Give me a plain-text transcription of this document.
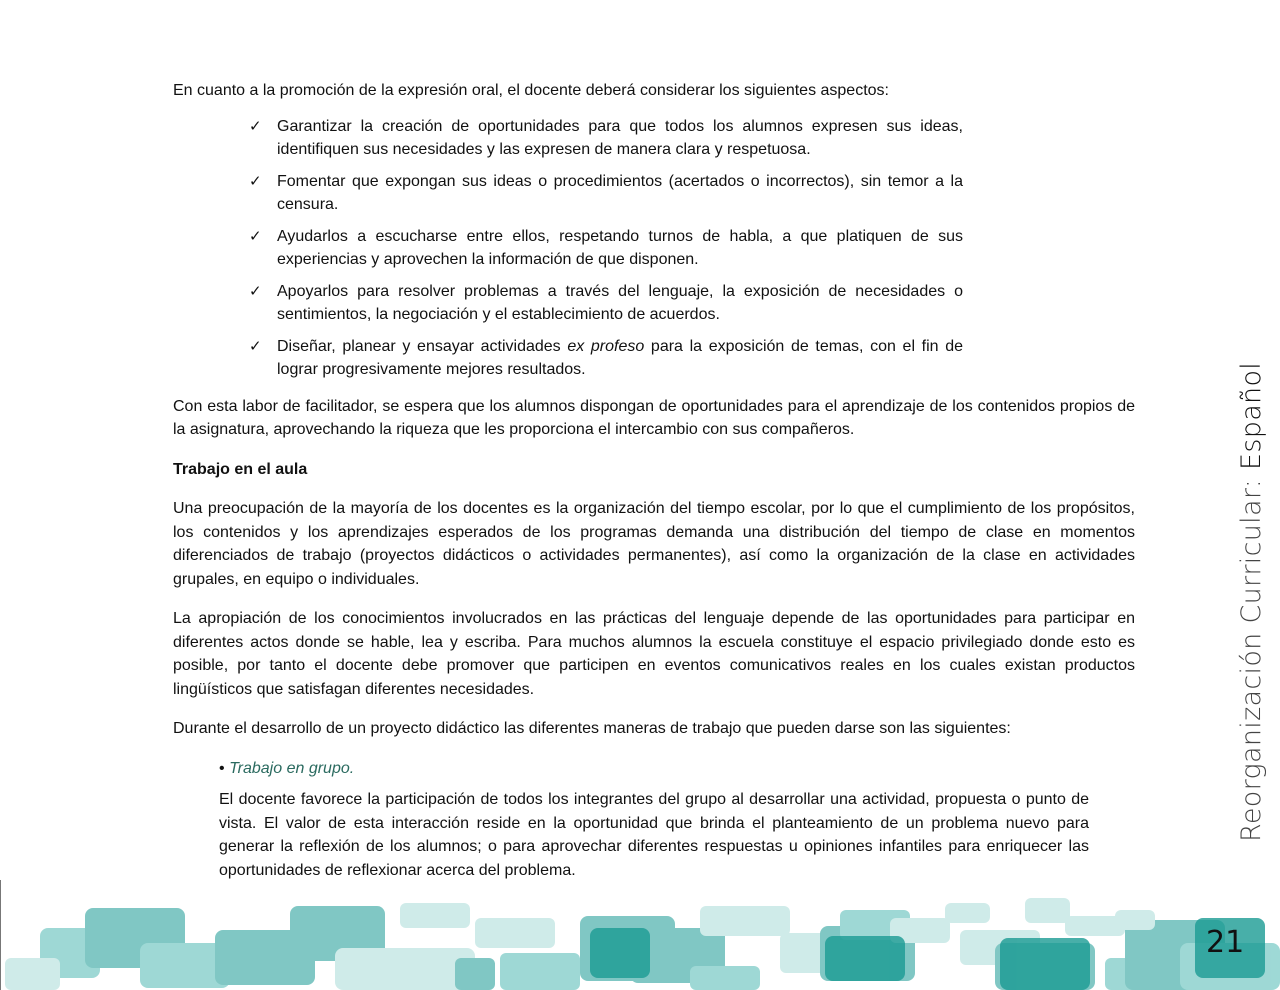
En cuanto a la promoción de la expresión oral, el docente deberá considerar los siguientes aspectos:

✓ Garantizar la creación de oportunidades para que todos los alumnos expresen sus ideas, identifiquen sus necesidades y las expresen de manera clara y respetuosa.
✓ Fomentar que expongan sus ideas o procedimientos (acertados o incorrectos), sin temor a la censura.
✓ Ayudarlos a escucharse entre ellos, respetando turnos de habla, a que platiquen de sus experiencias y aprovechen la información de que disponen.
✓ Apoyarlos para resolver problemas a través del lenguaje, la exposición de necesidades o sentimientos, la negociación y el establecimiento de acuerdos.
✓ Diseñar, planear y ensayar actividades ex profeso para la exposición de temas, con el fin de lograr progresivamente mejores resultados.

Con esta labor de facilitador, se espera que los alumnos dispongan de oportunidades para el aprendizaje de los contenidos propios de la asignatura, aprovechando la riqueza que les proporciona el intercambio con sus compañeros.

Trabajo en el aula

Una preocupación de la mayoría de los docentes es la organización del tiempo escolar, por lo que el cumplimiento de los propósitos, los contenidos y los aprendizajes esperados de los programas demanda una distribución del tiempo de clase en momentos diferenciados de trabajo (proyectos didácticos o actividades permanentes), así como la organización de la clase en actividades grupales, en equipo o individuales.

La apropiación de los conocimientos involucrados en las prácticas del lenguaje depende de las oportunidades para participar en diferentes actos donde se hable, lea y escriba. Para muchos alumnos la escuela constituye el espacio privilegiado donde esto es posible, por tanto el docente debe promover que participen en eventos comunicativos reales en los cuales existan productos lingüísticos que satisfagan diferentes necesidades.

Durante el desarrollo de un proyecto didáctico las diferentes maneras de trabajo que pueden darse son las siguientes:

• Trabajo en grupo.

El docente favorece la participación de todos los integrantes del grupo al desarrollar una actividad, propuesta o punto de vista. El valor de esta interacción reside en la oportunidad que brinda el planteamiento de un problema nuevo para generar la reflexión de los alumnos; o para aprovechar diferentes respuestas u opiniones infantiles para enriquecer las oportunidades de reflexionar acerca del problema.

Reorganización Curricular: Español
21
